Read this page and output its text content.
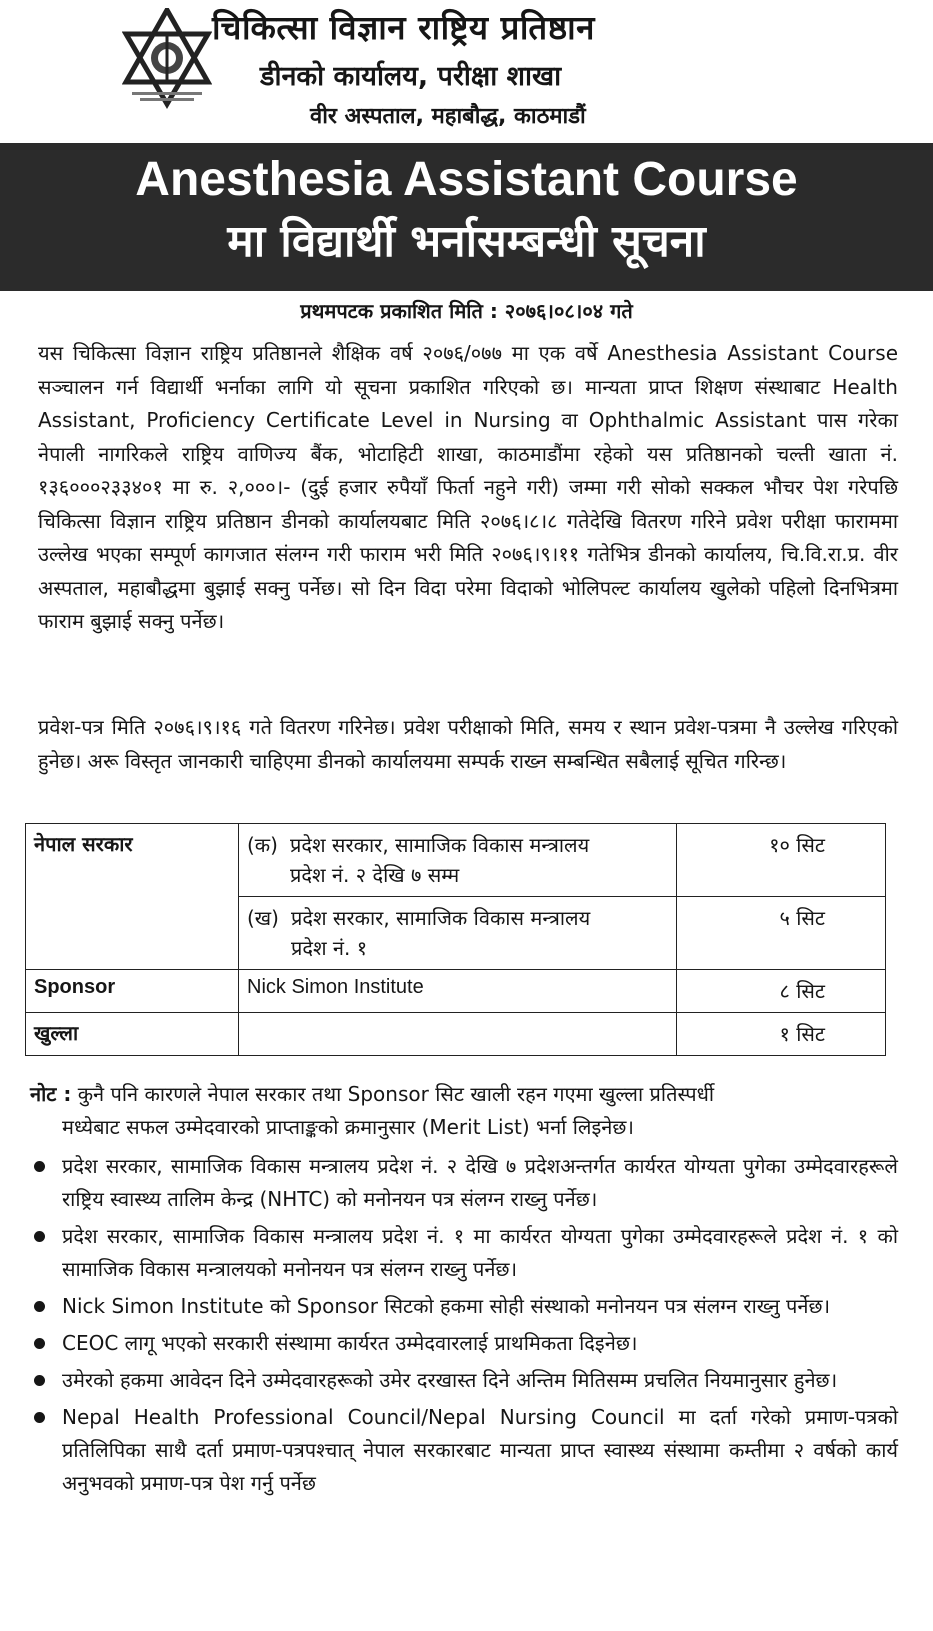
चिकित्सा विज्ञान राष्ट्रिय प्रतिष्ठान
डीनको कार्यालय, परीक्षा शाखा
वीर अस्पताल, महाबौद्ध, काठमाडौं
Anesthesia Assistant Course
मा विद्यार्थी भर्नासम्बन्धी सूचना
प्रथमपटक प्रकाशित मिति : २०७६।०८।०४ गते
यस चिकित्सा विज्ञान राष्ट्रिय प्रतिष्ठानले शैक्षिक वर्ष २०७६/०७७ मा एक वर्षे Anesthesia Assistant Course सञ्चालन गर्न विद्यार्थी भर्नाका लागि यो सूचना प्रकाशित गरिएको छ। मान्यता प्राप्त शिक्षण संस्थाबाट Health Assistant, Proficiency Certificate Level in Nursing वा Ophthalmic Assistant पास गरेका नेपाली नागरिकले राष्ट्रिय वाणिज्य बैंक, भोटाहिटी शाखा, काठमाडौंमा रहेको यस प्रतिष्ठानको चल्ती खाता नं. १३६०००२३३४०१ मा रु. २,०००।- (दुई हजार रुपैयाँ फिर्ता नहुने गरी) जम्मा गरी सोको सक्कल भौचर पेश गरेपछि चिकित्सा विज्ञान राष्ट्रिय प्रतिष्ठान डीनको कार्यालयबाट मिति २०७६।८।८ गतेदेखि वितरण गरिने प्रवेश परीक्षा फाराममा उल्लेख भएका सम्पूर्ण कागजात संलग्न गरी फाराम भरी मिति २०७६।९।११ गतेभित्र डीनको कार्यालय, चि.वि.रा.प्र. वीर अस्पताल, महाबौद्धमा बुझाई सक्नु पर्नेछ। सो दिन विदा परेमा विदाको भोलिपल्ट कार्यालय खुलेको पहिलो दिनभित्रमा फाराम बुझाई सक्नु पर्नेछ।
प्रवेश-पत्र मिति २०७६।९।१६ गते वितरण गरिनेछ। प्रवेश परीक्षाको मिति, समय र स्थान प्रवेश-पत्रमा नै उल्लेख गरिएको हुनेछ। अरू विस्तृत जानकारी चाहिएमा डीनको कार्यालयमा सम्पर्क राख्न सम्बन्धित सबैलाई सूचित गरिन्छ।
नेपाल सरकार	(क) प्रदेश सरकार, सामाजिक विकास मन्त्रालय
प्रदेश नं. २ देखि ७ सम्म	१० सिट

	(ख) प्रदेश सरकार, सामाजिक विकास मन्त्रालय
प्रदेश नं. १	५ सिट

Sponsor	Nick Simon Institute	८ सिट

खुल्ला		१ सिट
नोट : कुनै पनि कारणले नेपाल सरकार तथा Sponsor सिट खाली रहन गएमा खुल्ला प्रतिस्पर्धी
मध्येबाट सफल उम्मेदवारको प्राप्ताङ्कको क्रमानुसार (Merit List) भर्ना लिइनेछ।
प्रदेश सरकार, सामाजिक विकास मन्त्रालय प्रदेश नं. २ देखि ७ प्रदेशअन्तर्गत कार्यरत योग्यता पुगेका उम्मेदवारहरूले राष्ट्रिय स्वास्थ्य तालिम केन्द्र (NHTC) को मनोनयन पत्र संलग्न राख्नु पर्नेछ।
प्रदेश सरकार, सामाजिक विकास मन्त्रालय प्रदेश नं. १ मा कार्यरत योग्यता पुगेका उम्मेदवारहरूले प्रदेश नं. १ को सामाजिक विकास मन्त्रालयको मनोनयन पत्र संलग्न राख्नु पर्नेछ।
Nick Simon Institute को Sponsor सिटको हकमा सोही संस्थाको मनोनयन पत्र संलग्न राख्नु पर्नेछ।
CEOC लागू भएको सरकारी संस्थामा कार्यरत उम्मेदवारलाई प्राथमिकता दिइनेछ।
उमेरको हकमा आवेदन दिने उम्मेदवारहरूको उमेर दरखास्त दिने अन्तिम मितिसम्म प्रचलित नियमानुसार हुनेछ।
Nepal Health Professional Council/Nepal Nursing Council मा दर्ता गरेको प्रमाण-पत्रको प्रतिलिपिका साथै दर्ता प्रमाण-पत्रपश्चात् नेपाल सरकारबाट मान्यता प्राप्त स्वास्थ्य संस्थामा कम्तीमा २ वर्षको कार्य अनुभवको प्रमाण-पत्र पेश गर्नु पर्नेछ
